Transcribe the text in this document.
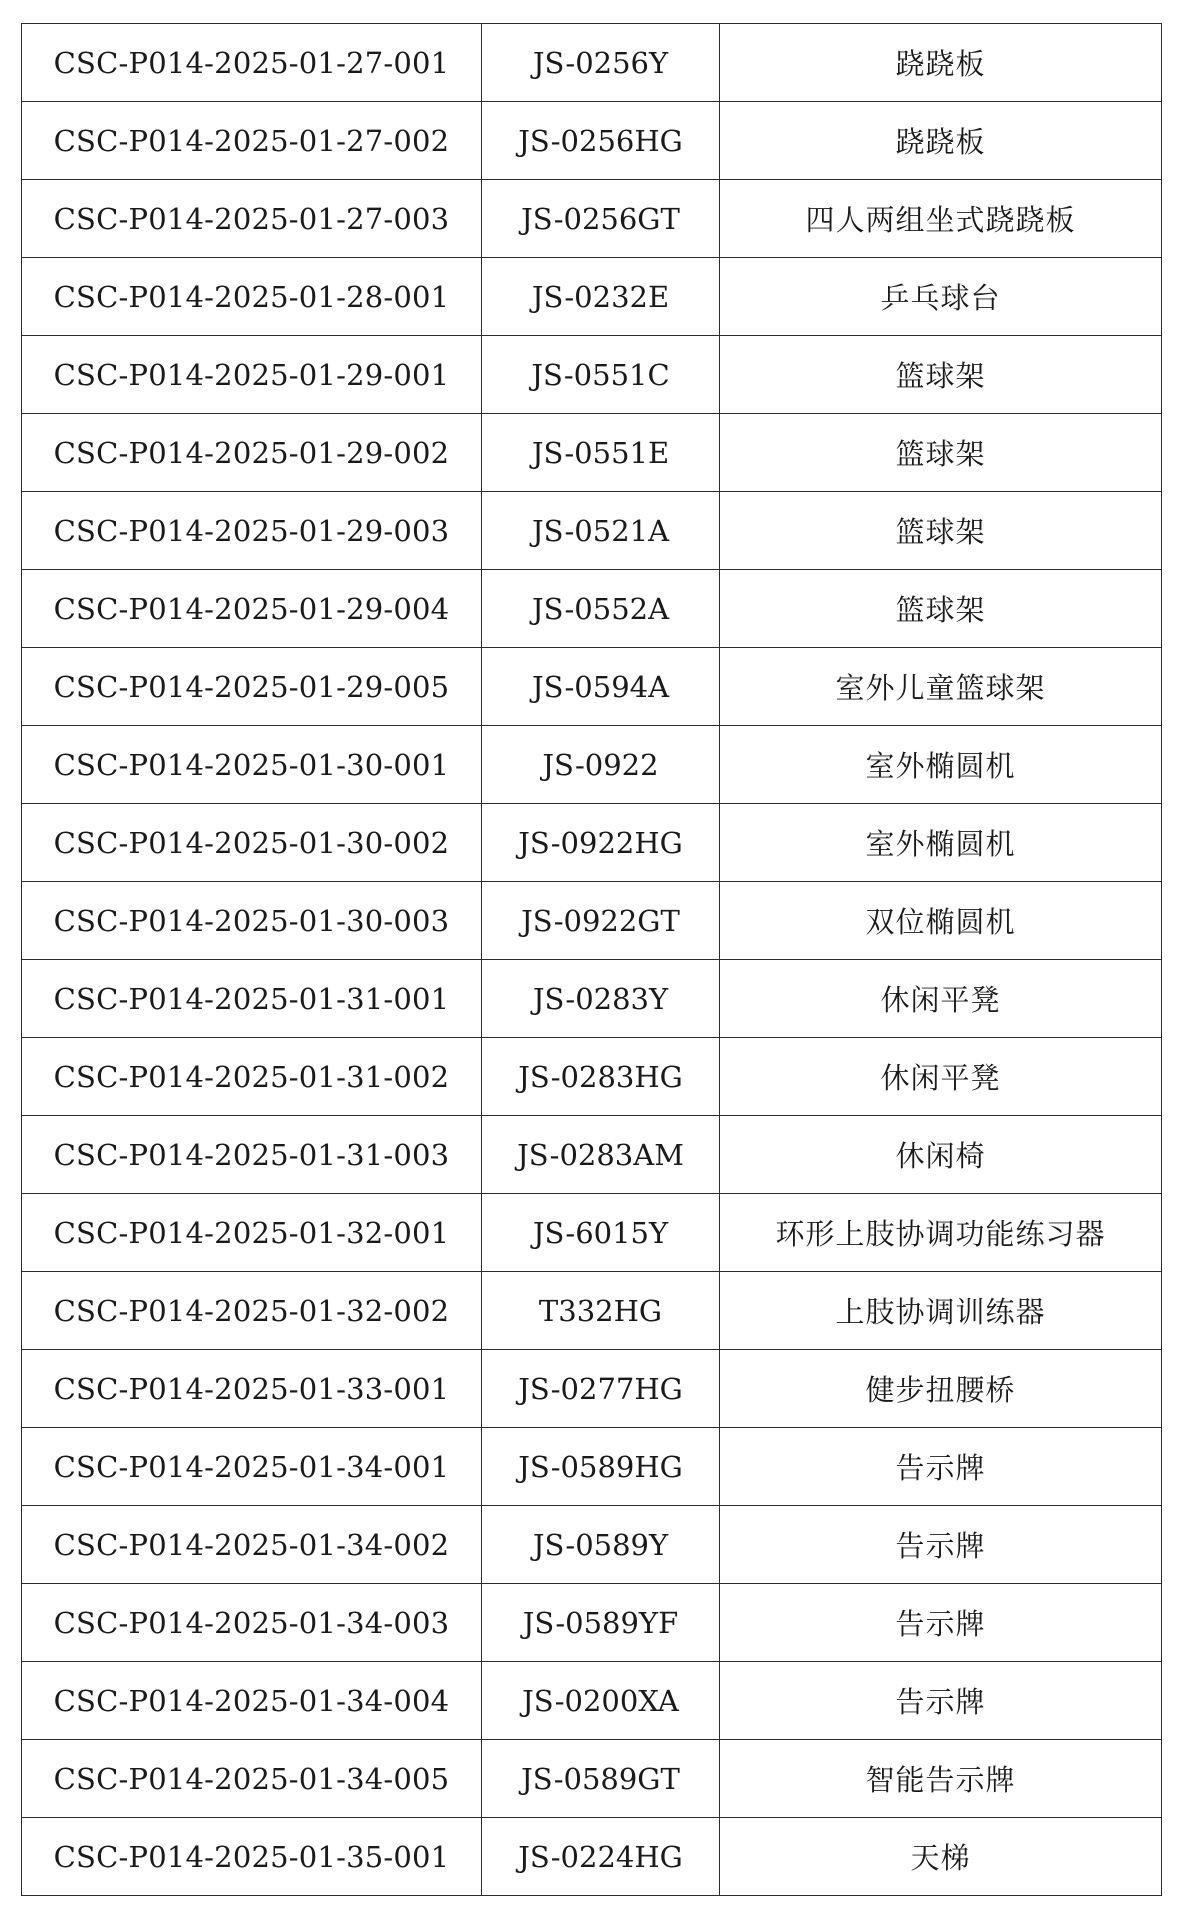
CSC-P014-2025-01-27-001	JS-0256Y	跷跷板
CSC-P014-2025-01-27-002	JS-0256HG	跷跷板
CSC-P014-2025-01-27-003	JS-0256GT	四人两组坐式跷跷板
CSC-P014-2025-01-28-001	JS-0232E	乒乓球台
CSC-P014-2025-01-29-001	JS-0551C	篮球架
CSC-P014-2025-01-29-002	JS-0551E	篮球架
CSC-P014-2025-01-29-003	JS-0521A	篮球架
CSC-P014-2025-01-29-004	JS-0552A	篮球架
CSC-P014-2025-01-29-005	JS-0594A	室外儿童篮球架
CSC-P014-2025-01-30-001	JS-0922	室外椭圆机
CSC-P014-2025-01-30-002	JS-0922HG	室外椭圆机
CSC-P014-2025-01-30-003	JS-0922GT	双位椭圆机
CSC-P014-2025-01-31-001	JS-0283Y	休闲平凳
CSC-P014-2025-01-31-002	JS-0283HG	休闲平凳
CSC-P014-2025-01-31-003	JS-0283AM	休闲椅
CSC-P014-2025-01-32-001	JS-6015Y	环形上肢协调功能练习器
CSC-P014-2025-01-32-002	T332HG	上肢协调训练器
CSC-P014-2025-01-33-001	JS-0277HG	健步扭腰桥
CSC-P014-2025-01-34-001	JS-0589HG	告示牌
CSC-P014-2025-01-34-002	JS-0589Y	告示牌
CSC-P014-2025-01-34-003	JS-0589YF	告示牌
CSC-P014-2025-01-34-004	JS-0200XA	告示牌
CSC-P014-2025-01-34-005	JS-0589GT	智能告示牌
CSC-P014-2025-01-35-001	JS-0224HG	天梯
